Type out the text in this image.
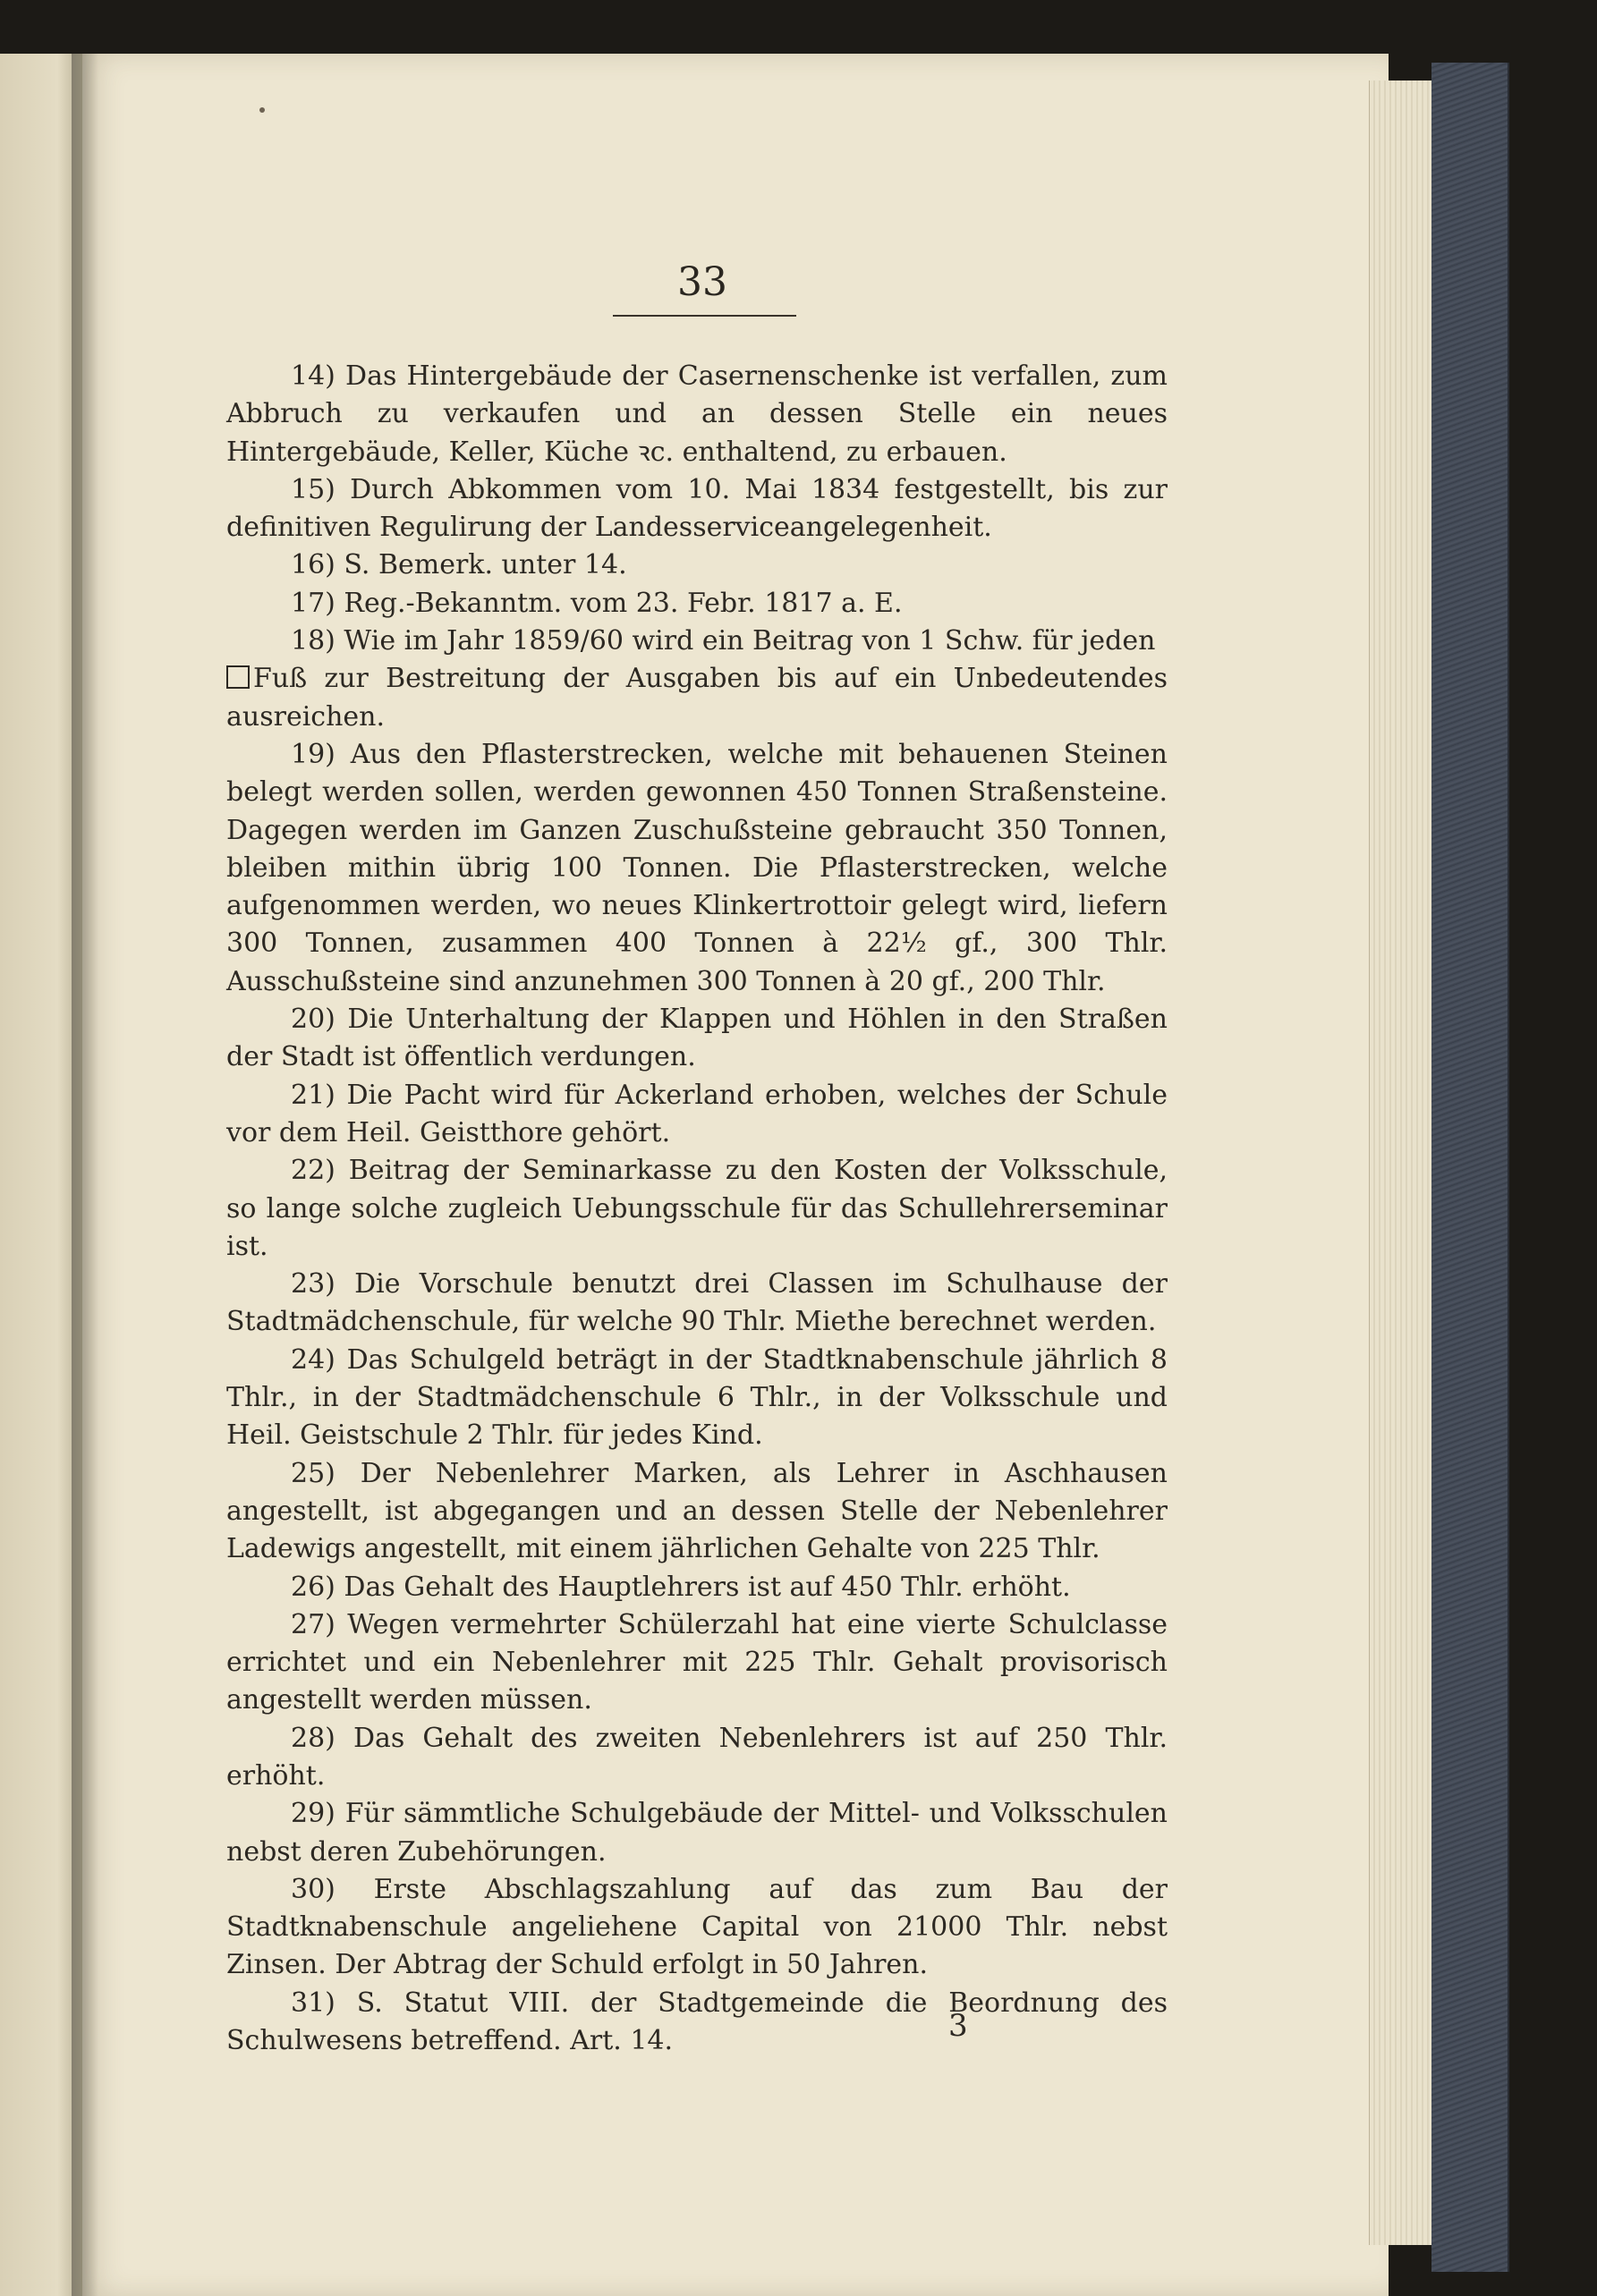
33

14) Das Hintergebäude der Casernenschenke ist verfallen, zum Abbruch zu verkaufen und an dessen Stelle ein neues Hintergebäude, Keller, Küche ꝛc. enthaltend, zu erbauen.

15) Durch Abkommen vom 10. Mai 1834 festgestellt, bis zur definitiven Regulirung der Landesserviceangelegenheit.

16) S. Bemerk. unter 14.

17) Reg.-Bekanntm. vom 23. Febr. 1817 a. E.

18) Wie im Jahr 1859/60 wird ein Beitrag von 1 Schw. für jeden

Fuß zur Bestreitung der Ausgaben bis auf ein Unbedeutendes ausreichen.

19) Aus den Pflasterstrecken, welche mit behauenen Steinen belegt werden sollen, werden gewonnen 450 Tonnen Straßensteine. Dagegen werden im Ganzen Zuschußsteine gebraucht 350 Tonnen, bleiben mithin übrig 100 Tonnen. Die Pflasterstrecken, welche aufgenommen werden, wo neues Klinkertrottoir gelegt wird, liefern 300 Tonnen, zusammen 400 Tonnen à 22½ gf., 300 Thlr. Ausschußsteine sind anzunehmen 300 Tonnen à 20 gf., 200 Thlr.

20) Die Unterhaltung der Klappen und Höhlen in den Straßen der Stadt ist öffentlich verdungen.

21) Die Pacht wird für Ackerland erhoben, welches der Schule vor dem Heil. Geistthore gehört.

22) Beitrag der Seminarkasse zu den Kosten der Volksschule, so lange solche zugleich Uebungsschule für das Schullehrerseminar ist.

23) Die Vorschule benutzt drei Classen im Schulhause der Stadtmädchenschule, für welche 90 Thlr. Miethe berechnet werden.

24) Das Schulgeld beträgt in der Stadtknabenschule jährlich 8 Thlr., in der Stadtmädchenschule 6 Thlr., in der Volksschule und Heil. Geistschule 2 Thlr. für jedes Kind.

25) Der Nebenlehrer Marken, als Lehrer in Aschhausen angestellt, ist abgegangen und an dessen Stelle der Nebenlehrer Ladewigs angestellt, mit einem jährlichen Gehalte von 225 Thlr.

26) Das Gehalt des Hauptlehrers ist auf 450 Thlr. erhöht.

27) Wegen vermehrter Schülerzahl hat eine vierte Schulclasse errichtet und ein Nebenlehrer mit 225 Thlr. Gehalt provisorisch angestellt werden müssen.

28) Das Gehalt des zweiten Nebenlehrers ist auf 250 Thlr. erhöht.

29) Für sämmtliche Schulgebäude der Mittel- und Volksschulen nebst deren Zubehörungen.

30) Erste Abschlagszahlung auf das zum Bau der Stadtknabenschule angeliehene Capital von 21000 Thlr. nebst Zinsen. Der Abtrag der Schuld erfolgt in 50 Jahren.

31) S. Statut VIII. der Stadtgemeinde die Beordnung des Schulwesens betreffend. Art. 14.	3
